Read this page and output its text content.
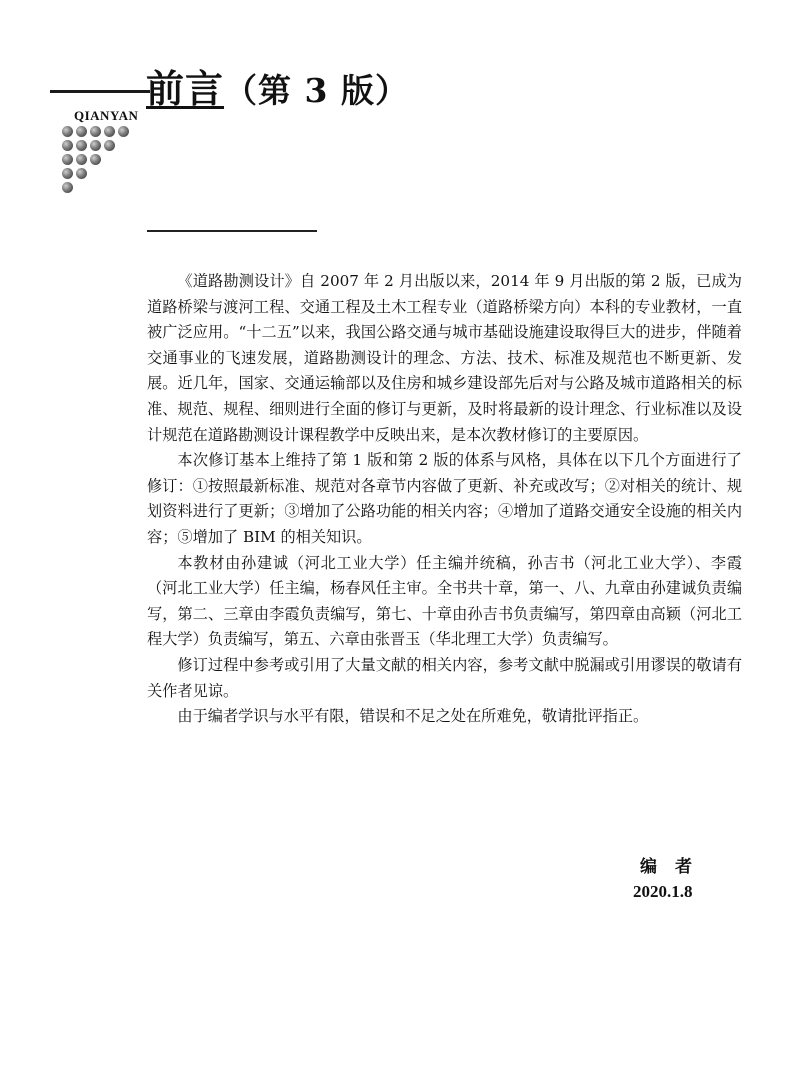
前言（第 3 版）
QIANYAN

《道路勘测设计》自 2007 年 2 月出版以来，2014 年 9 月出版的第 2 版，已成为道路桥梁与渡河工程、交通工程及土木工程专业（道路桥梁方向）本科的专业教材，一直被广泛应用。“十二五”以来，我国公路交通与城市基础设施建设取得巨大的进步，伴随着交通事业的飞速发展，道路勘测设计的理念、方法、技术、标准及规范也不断更新、发展。近几年，国家、交通运输部以及住房和城乡建设部先后对与公路及城市道路相关的标准、规范、规程、细则进行全面的修订与更新，及时将最新的设计理念、行业标准以及设计规范在道路勘测设计课程教学中反映出来，是本次教材修订的主要原因。

本次修订基本上维持了第 1 版和第 2 版的体系与风格，具体在以下几个方面进行了修订：①按照最新标准、规范对各章节内容做了更新、补充或改写；②对相关的统计、规划资料进行了更新；③增加了公路功能的相关内容；④增加了道路交通安全设施的相关内容；⑤增加了 BIM 的相关知识。

本教材由孙建诚（河北工业大学）任主编并统稿，孙吉书（河北工业大学）、李霞（河北工业大学）任主编，杨春风任主审。全书共十章，第一、八、九章由孙建诚负责编写，第二、三章由李霞负责编写，第七、十章由孙吉书负责编写，第四章由高颖（河北工程大学）负责编写，第五、六章由张晋玉（华北理工大学）负责编写。

修订过程中参考或引用了大量文献的相关内容，参考文献中脱漏或引用谬误的敬请有关作者见谅。

由于编者学识与水平有限，错误和不足之处在所难免，敬请批评指正。

编者
2020.1.8
